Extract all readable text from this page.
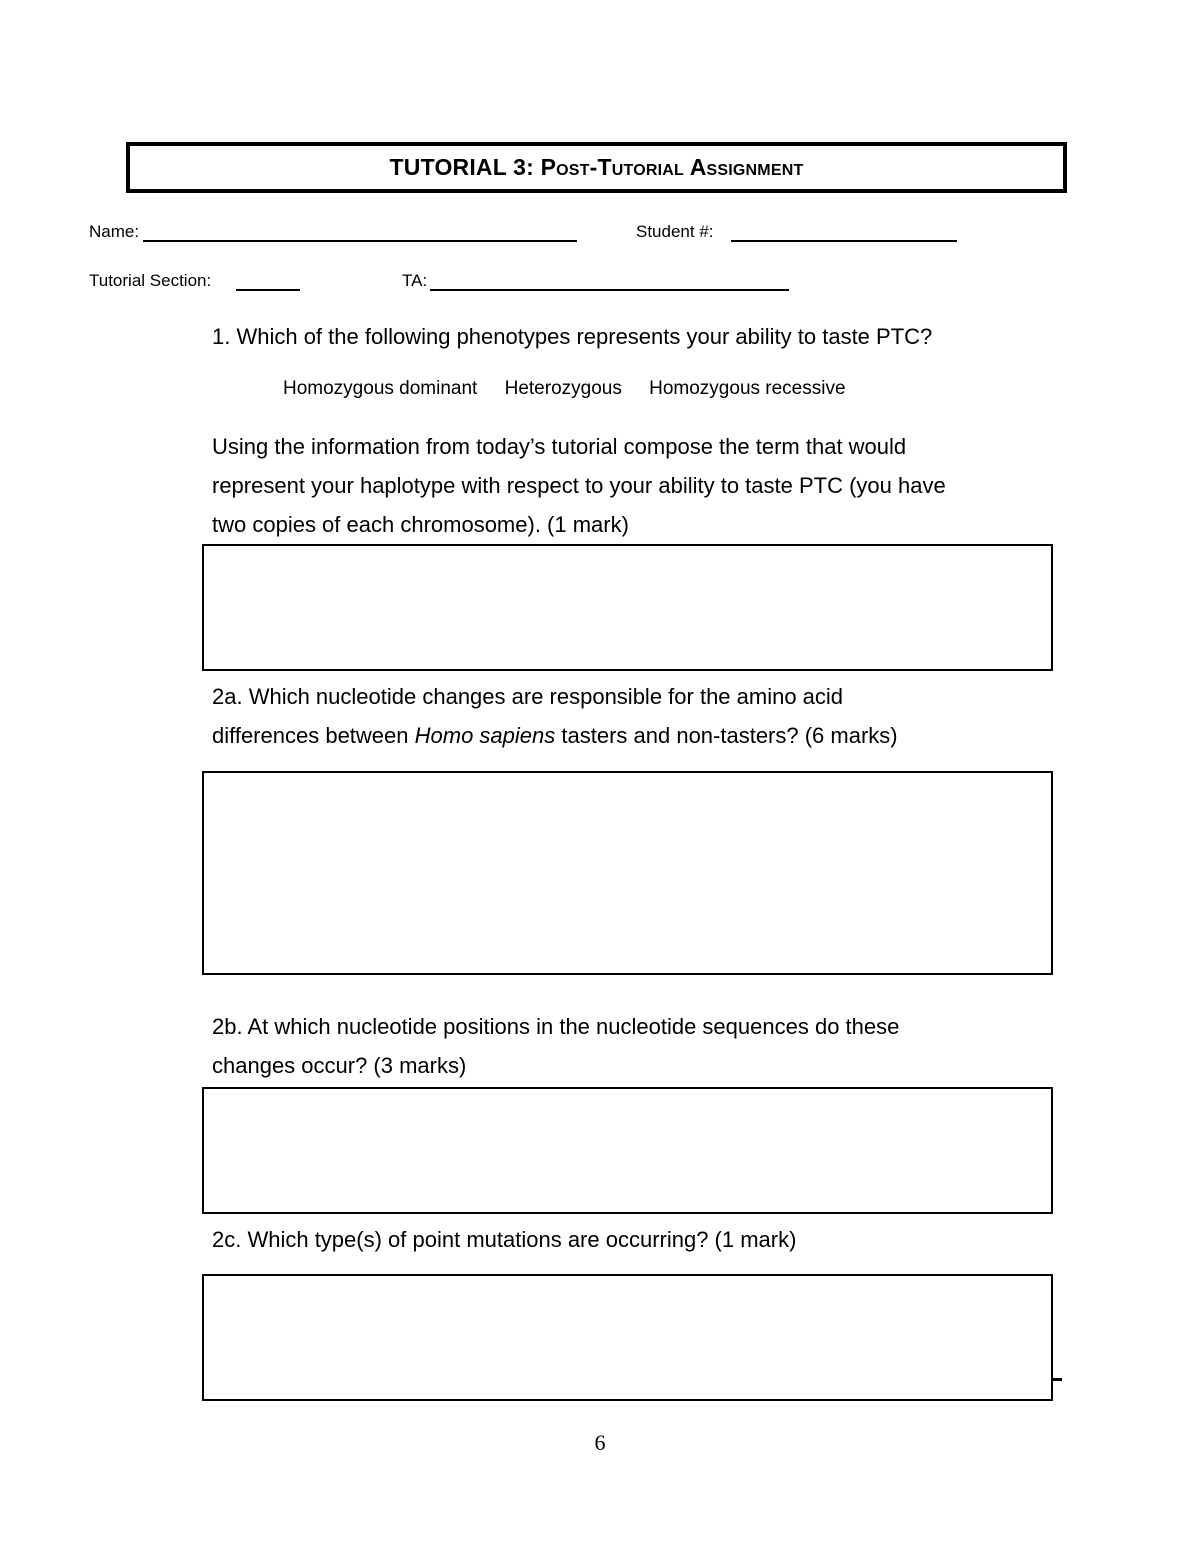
TUTORIAL 3: Post-Tutorial Assignment
Name:	Student #:
Tutorial Section:	TA:
1. Which of the following phenotypes represents your ability to taste PTC?
Homozygous dominant Heterozygous Homozygous recessive
Using the information from today’s tutorial compose the term that would
represent your haplotype with respect to your ability to taste PTC (you have
two copies of each chromosome). (1 mark)
2a. Which nucleotide changes are responsible for the amino acid
differences between Homo sapiens tasters and non-tasters? (6 marks)
2b. At which nucleotide positions in the nucleotide sequences do these
changes occur? (3 marks)
2c. Which type(s) of point mutations are occurring? (1 mark)
6
